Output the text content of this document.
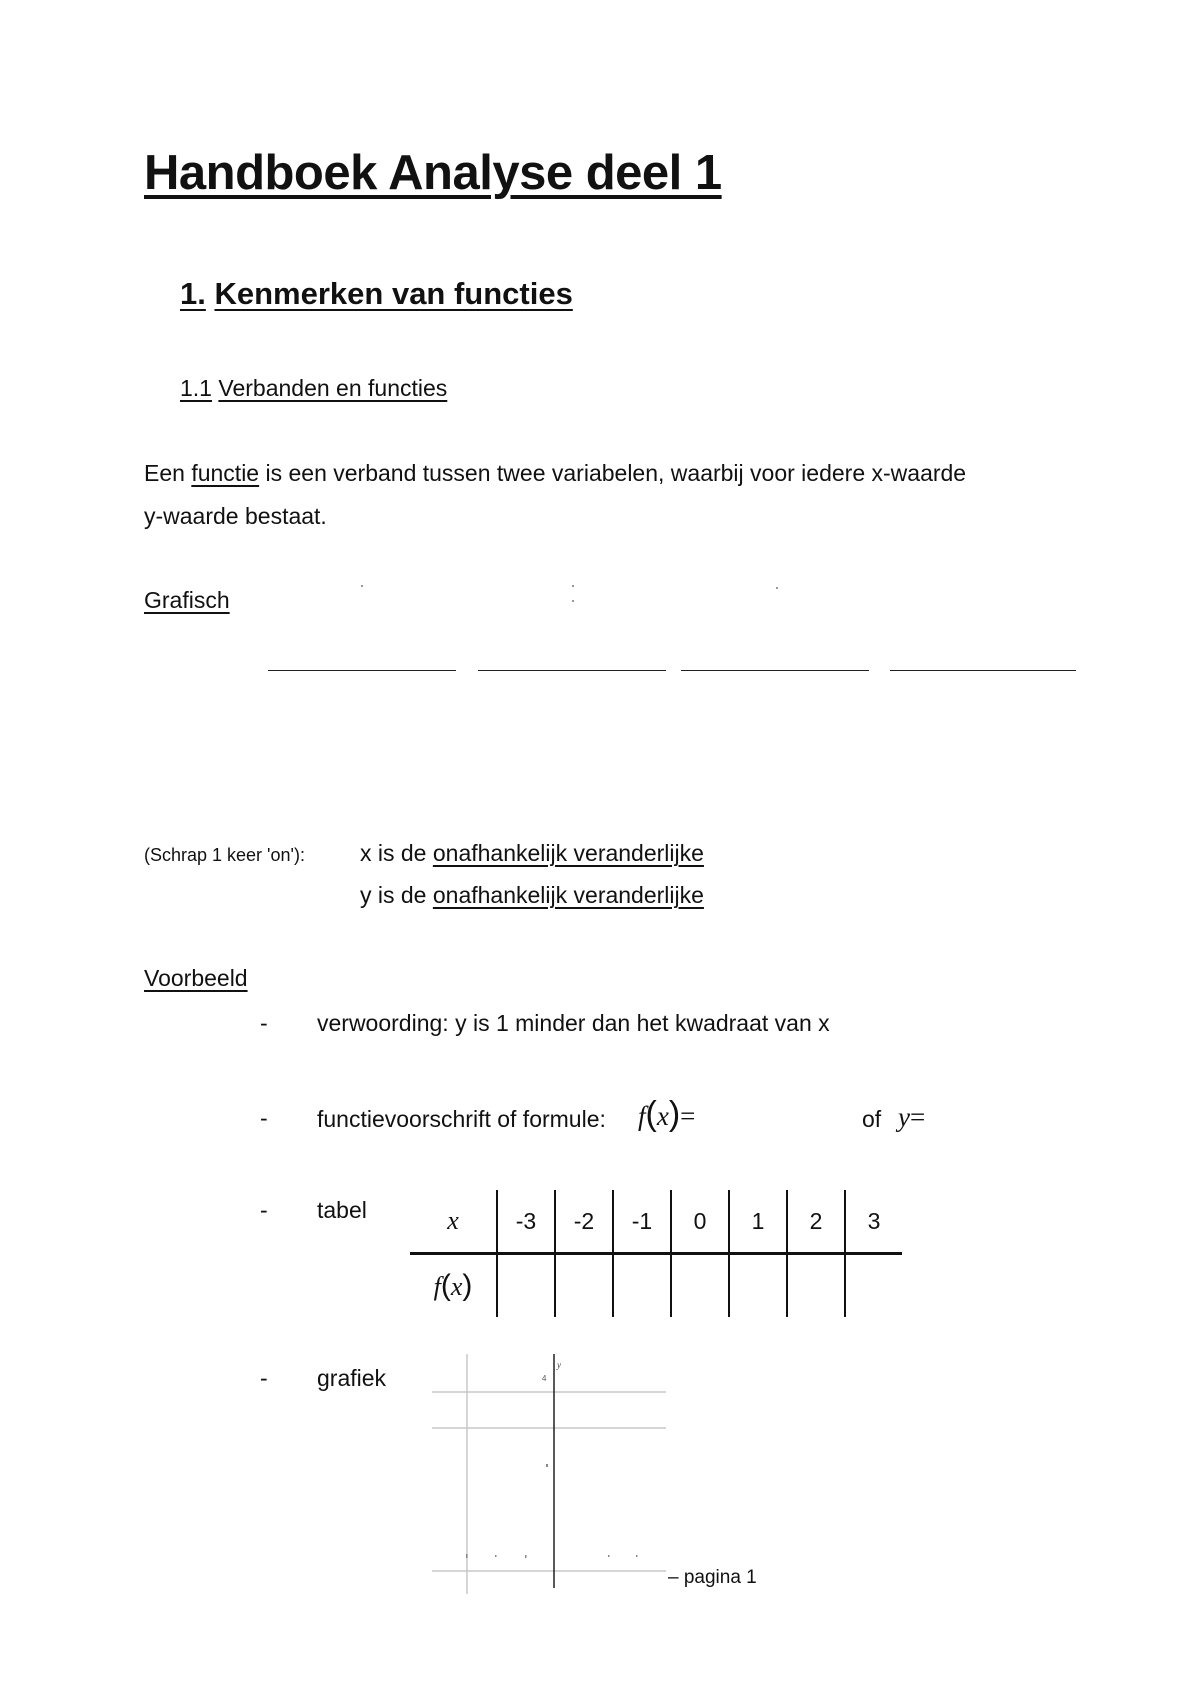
Handboek Analyse deel 1
1. Kenmerken van functies
1.1 Verbanden en functies
Een functie is een verband tussen twee variabelen, waarbij voor iedere x-waarde
y-waarde bestaat.
Grafisch
(Schrap 1 keer 'on'): x is de onafhankelijk veranderlijke
y is de onafhankelijk veranderlijke
Voorbeeld
- verwoording: y is 1 minder dan het kwadraat van x
- functievoorschrift of formule: f(x)=	of y=
- tabel	x	-3	-2	-1	0	1	2	3
f(x)							
- grafiek	y
4
– pagina 1
